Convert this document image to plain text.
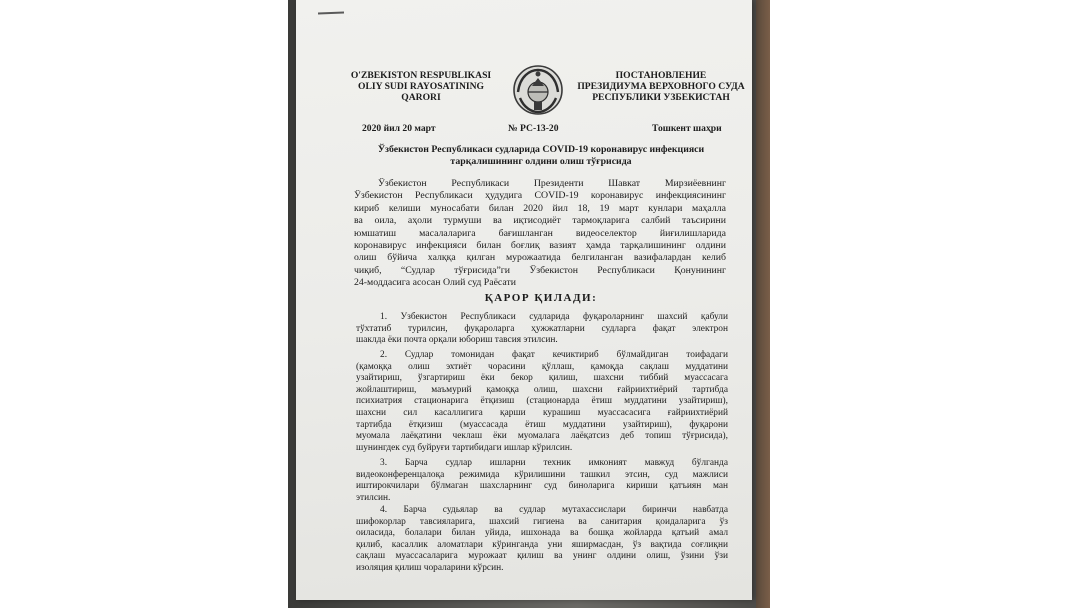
O'ZBEKISTON RESPUBLIKASI
OLIY SUDI RAYOSATINING
QARORI
ПОСТАНОВЛЕНИЕ
ПРЕЗИДИУМА ВЕРХОВНОГО СУДА
РЕСПУБЛИКИ УЗБЕКИСТАН
2020 йил 20 март	№ РС-13-20	Тошкент шаҳри
Ўзбекистон Республикаси судларида COVID-19 коронавирус инфекцияси
тарқалишининг олдини олиш тўғрисида
Ўзбекистон Республикаси Президенти Шавкат Мирзиёевнинг
Ўзбекистон Республикаси ҳудудига COVID-19 коронавирус инфекциясининг
кириб келиши муносабати билан 2020 йил 18, 19 март кунлари маҳалла
ва оила, аҳоли турмуши ва иқтисодиёт тармоқларига салбий таъсирини
юмшатиш масалаларига бағишланган видеоселектор йиғилишларида
коронавирус инфекцияси билан боғлиқ вазият ҳамда тарқалишининг олдини
олиш бўйича халққа қилган мурожаатида белгиланган вазифалардан келиб
чиқиб, “Судлар тўғрисида”ги Ўзбекистон Республикаси Қонунининг
24-моддасига асосан Олий суд Раёсати
ҚАРОР ҚИЛАДИ:
1. Ўзбекистон Республикаси судларида фуқароларнинг шахсий қабули
тўхтатиб турилсин, фуқароларга ҳужжатларни судларга фақат электрон
шаклда ёки почта орқали юбориш тавсия этилсин.
2. Судлар томонидан фақат кечиктириб бўлмайдиган тоифадаги
(қамоққа олиш эхтиёт чорасини қўллаш, қамоқда сақлаш муддатини
узайтириш, ўзгартириш ёки бекор қилиш, шахсни тиббий муассасага
жойлаштириш, маъмурий қамоққа олиш, шахсни ғайриихтиёрий тартибда
психиатрия стационарига ётқизиш (стационарда ётиш муддатини узайтириш),
шахсни сил касаллигига қарши курашиш муассасасига ғайриихтиёрий
тартибда ётқизиш (муассасада ётиш муддатини узайтириш), фуқарони
муомала лаёқатини чеклаш ёки муомалага лаёқатсиз деб топиш тўғрисида),
шунингдек суд буйруғи тартибидаги ишлар кўрилсин.
3. Барча судлар ишларни техник имконият мавжуд бўлганда
видеоконференцалоқа режимида кўрилишини ташкил этсин, суд мажлиси
иштирокчилари бўлмаган шахсларнинг суд биноларига кириши қатъиян ман
этилсин.
4. Барча судьялар ва судлар мутахассислари биринчи навбатда
шифокорлар тавсияларига, шахсий гигиена ва санитария қоидаларига ўз
оиласида, болалари билан уйида, ишхонада ва бошқа жойларда қатъий амал
қилиб, касаллик аломатлари кўринганда уни яширмасдан, ўз вақтида соғлиқни
сақлаш муассасаларига мурожаат қилиш ва унинг олдини олиш, ўзини ўзи
изоляция қилиш чораларини кўрсин.
